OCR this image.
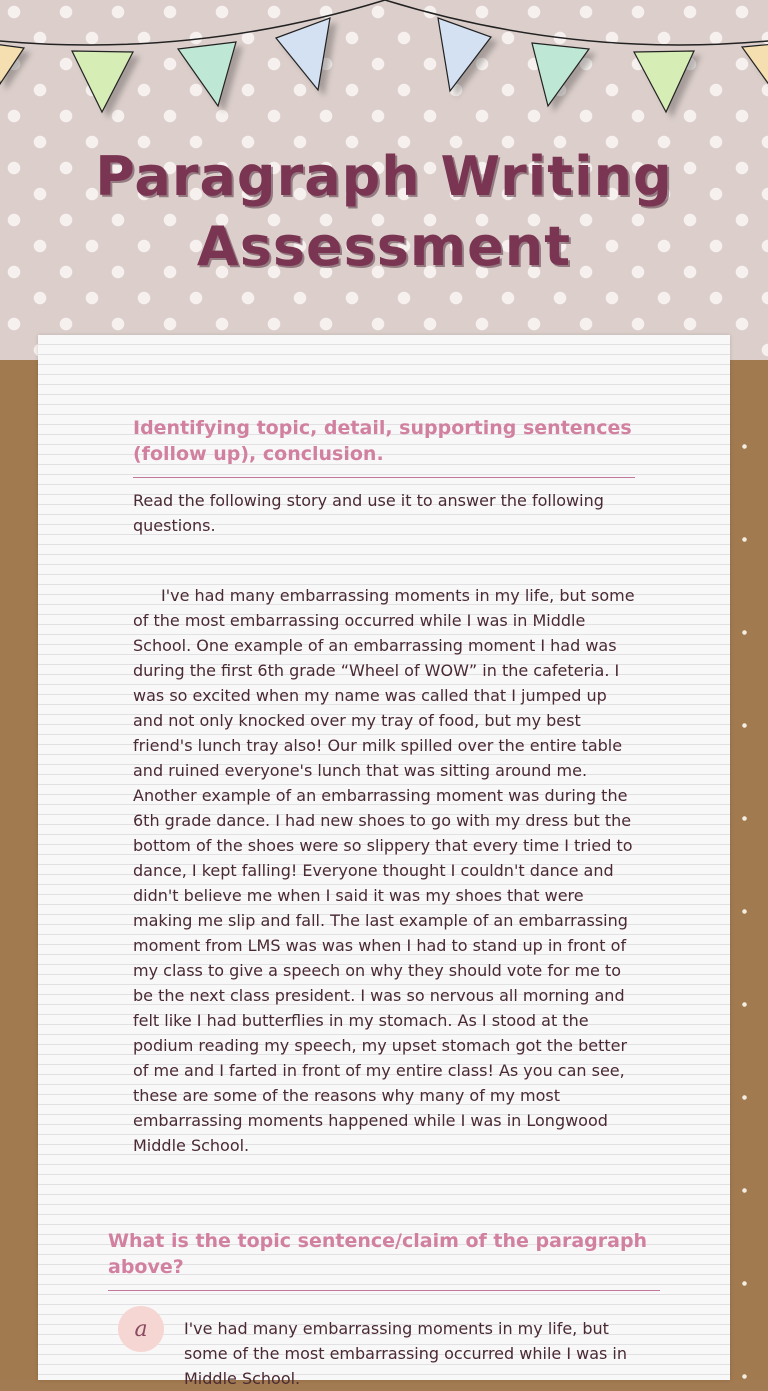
Paragraph Writing Assessment
Identifying topic, detail, supporting sentences (follow up), conclusion.

Read the following story and use it to answer the following questions.

I've had many embarrassing moments in my life, but some of the most embarrassing occurred while I was in Middle School. One example of an embarrassing moment I had was during the first 6th grade “Wheel of WOW” in the cafeteria. I was so excited when my name was called that I jumped up and not only knocked over my tray of food, but my best friend's lunch tray also! Our milk spilled over the entire table and ruined everyone's lunch that was sitting around me. Another example of an embarrassing moment was during the 6th grade dance. I had new shoes to go with my dress but the bottom of the shoes were so slippery that every time I tried to dance, I kept falling! Everyone thought I couldn't dance and didn't believe me when I said it was my shoes that were making me slip and fall. The last example of an embarrassing moment from LMS was was when I had to stand up in front of my class to give a speech on why they should vote for me to be the next class president. I was so nervous all morning and felt like I had butterflies in my stomach. As I stood at the podium reading my speech, my upset stomach got the better of me and I farted in front of my entire class! As you can see, these are some of the reasons why many of my most embarrassing moments happened while I was in Longwood Middle School.

What is the topic sentence/claim of the paragraph above?
a	I've had many embarrassing moments in my life, but some of the most embarrassing occurred while I was in Middle School.
